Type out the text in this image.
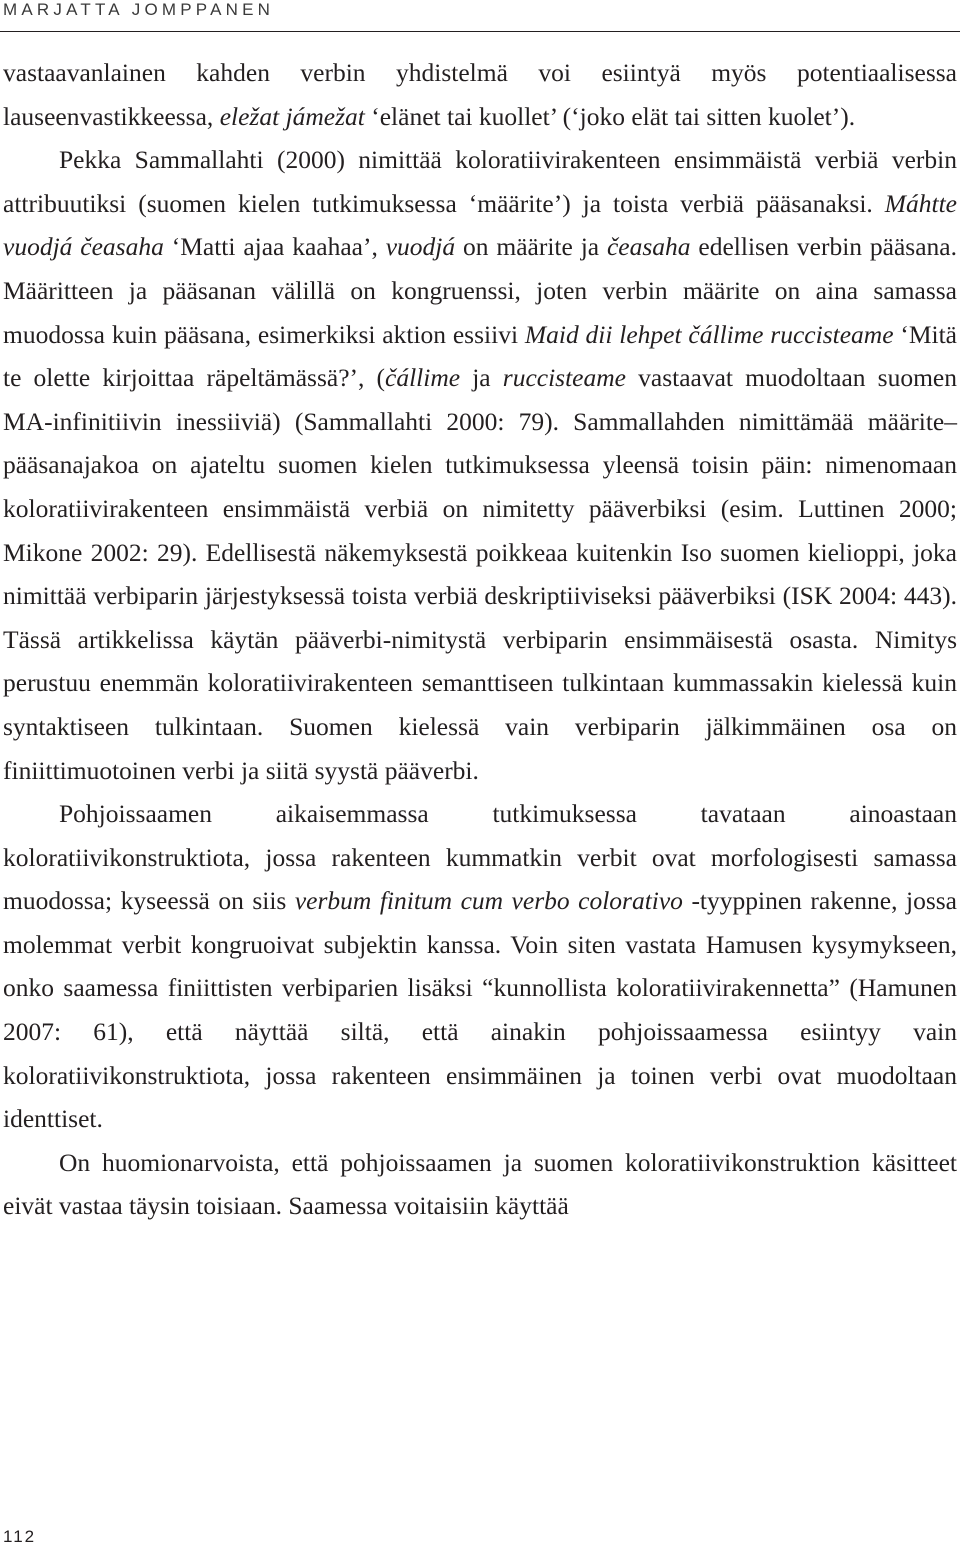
MARJATTA JOMPPANEN

vastaavanlainen kahden verbin yhdistelmä voi esiintyä myös potentiaalisessa lauseenvastikkeessa, eležat jámežat ‘elänet tai kuollet’ (‘joko elät tai sitten kuolet’).

Pekka Sammallahti (2000) nimittää koloratiivirakenteen ensimmäistä verbiä verbin attribuutiksi (suomen kielen tutkimuksessa ‘määrite’) ja toista verbiä pääsanaksi. Máhtte vuodjá čeasaha ‘Matti ajaa kaahaa’, vuodjá on määrite ja čeasaha edellisen verbin pääsana. Määritteen ja pääsanan välillä on kongruenssi, joten verbin määrite on aina samassa muodossa kuin pääsana, esimerkiksi aktion essiivi Maid dii lehpet čállime ruccisteame ‘Mitä te olette kirjoittaa räpeltämässä?’, (čállime ja ruccisteame vastaavat muodoltaan suomen MA-infinitiivin inessiiviä) (Sammallahti 2000: 79). Sammallahden nimittämää määrite–pääsanajakoa on ajateltu suomen kielen tutkimuksessa yleensä toisin päin: nimenomaan koloratiivirakenteen ensimmäistä verbiä on nimitetty pääverbiksi (esim. Luttinen 2000; Mikone 2002: 29). Edellisestä näkemyksestä poikkeaa kuitenkin Iso suomen kielioppi, joka nimittää verbiparin järjestyksessä toista verbiä deskriptiiviseksi pääverbiksi (ISK 2004: 443). Tässä artikkelissa käytän pääverbi-nimitystä verbiparin ensimmäisestä osasta. Nimitys perustuu enemmän koloratiivirakenteen semanttiseen tulkintaan kummassakin kielessä kuin syntaktiseen tulkintaan. Suomen kielessä vain verbiparin jälkimmäinen osa on finiittimuotoinen verbi ja siitä syystä pääverbi.

Pohjoissaamen aikaisemmassa tutkimuksessa tavataan ainoastaan koloratiivikonstruktiota, jossa rakenteen kummatkin verbit ovat morfologisesti samassa muodossa; kyseessä on siis verbum finitum cum verbo colorativo -tyyppinen rakenne, jossa molemmat verbit kongruoivat subjektin kanssa. Voin siten vastata Hamusen kysymykseen, onko saamessa finiittisten verbiparien lisäksi “kunnollista koloratiivirakennetta” (Hamunen 2007: 61), että näyttää siltä, että ainakin pohjoissaamessa esiintyy vain koloratiivikonstruktiota, jossa rakenteen ensimmäinen ja toinen verbi ovat muodoltaan identtiset.

On huomionarvoista, että pohjoissaamen ja suomen koloratiivikonstruktion käsitteet eivät vastaa täysin toisiaan. Saamessa voitaisiin käyttää

112
